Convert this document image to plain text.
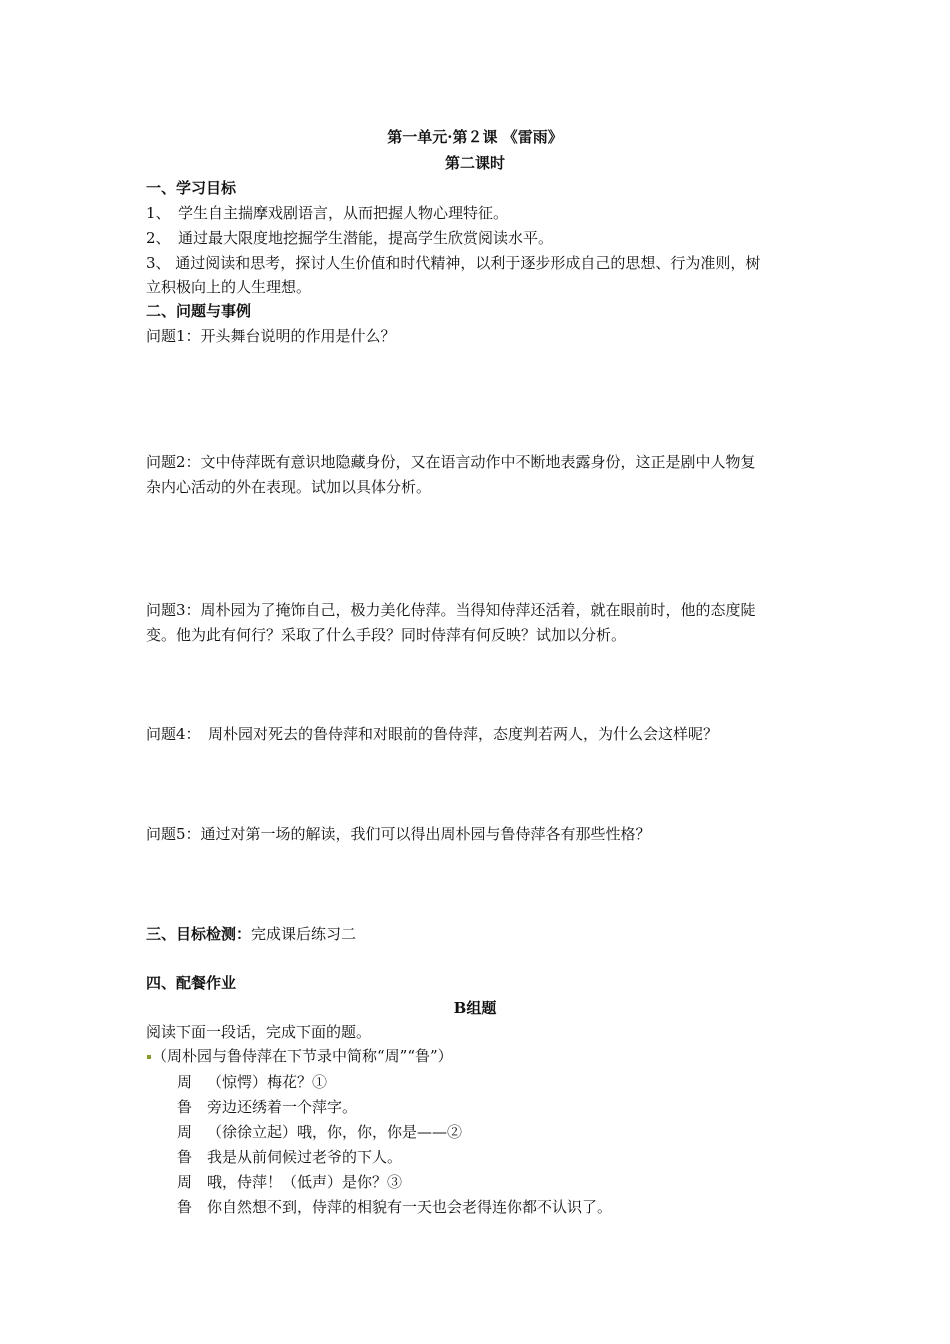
第一单元·第２课 《雷雨》
第二课时
一、学习目标
1、　学生自主揣摩戏剧语言，从而把握人物心理特征。
2、　通过最大限度地挖掘学生潜能，提高学生欣赏阅读水平。
3、 通过阅读和思考，探讨人生价值和时代精神，以利于逐步形成自己的思想、行为准则，树
立积极向上的人生理想。
二、问题与事例
问题1：开头舞台说明的作用是什么？
问题2：文中侍萍既有意识地隐藏身份，又在语言动作中不断地表露身份，这正是剧中人物复
杂内心活动的外在表现。试加以具体分析。
问题3：周朴园为了掩饰自己，极力美化侍萍。当得知侍萍还活着，就在眼前时，他的态度陡
变。他为此有何行？采取了什么手段？同时侍萍有何反映？试加以分析。
问题4：　周朴园对死去的鲁侍萍和对眼前的鲁侍萍，态度判若两人，为什么会这样呢？
问题5：通过对第一场的解读，我们可以得出周朴园与鲁侍萍各有那些性格？
三、目标检测：完成课后练习二
四、配餐作业
B组题
阅读下面一段话，完成下面的题。
（周朴园与鲁侍萍在下节录中简称“周”“鲁”）
周 （惊愕）梅花？①
鲁 旁边还绣着一个萍字。
周 （徐徐立起）哦，你，你，你是——②
鲁 我是从前伺候过老爷的下人。
周 哦，侍萍！（低声）是你？③
鲁 你自然想不到，侍萍的相貌有一天也会老得连你都不认识了。
